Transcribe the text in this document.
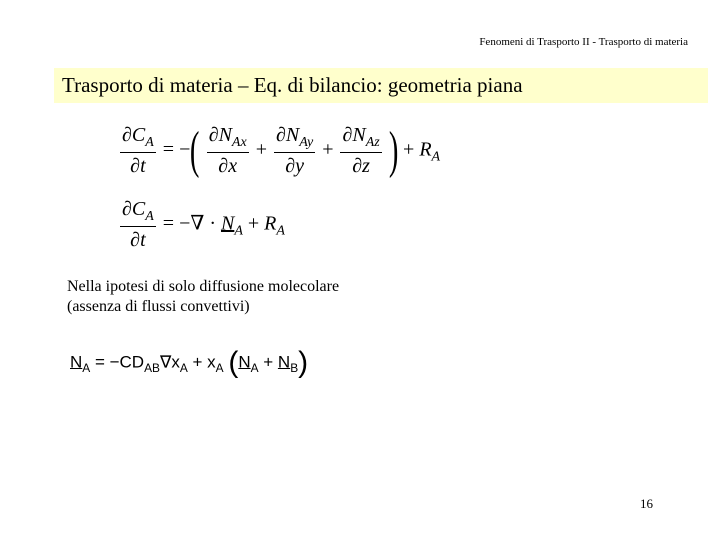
Fenomeni di Trasporto II - Trasporto di materia
Trasporto di materia – Eq. di bilancio: geometria piana
$\frac{\partial C_A}{\partial t}$ = −( $\frac{\partial N_{Ax}}{\partial x} + \frac{\partial N_{Ay}}{\partial y} + \frac{\partial N_{Az}}{\partial z}$ ) + $R_A$
$\frac{\partial C_A}{\partial t}$ = −∇ · $N_A + R_A$
Nella ipotesi di solo diffusione molecolare (assenza di flussi convettivi)
$N_A = -CD_{AB}\nabla x_A + x_A$ $(N_A + N_B)$
16
